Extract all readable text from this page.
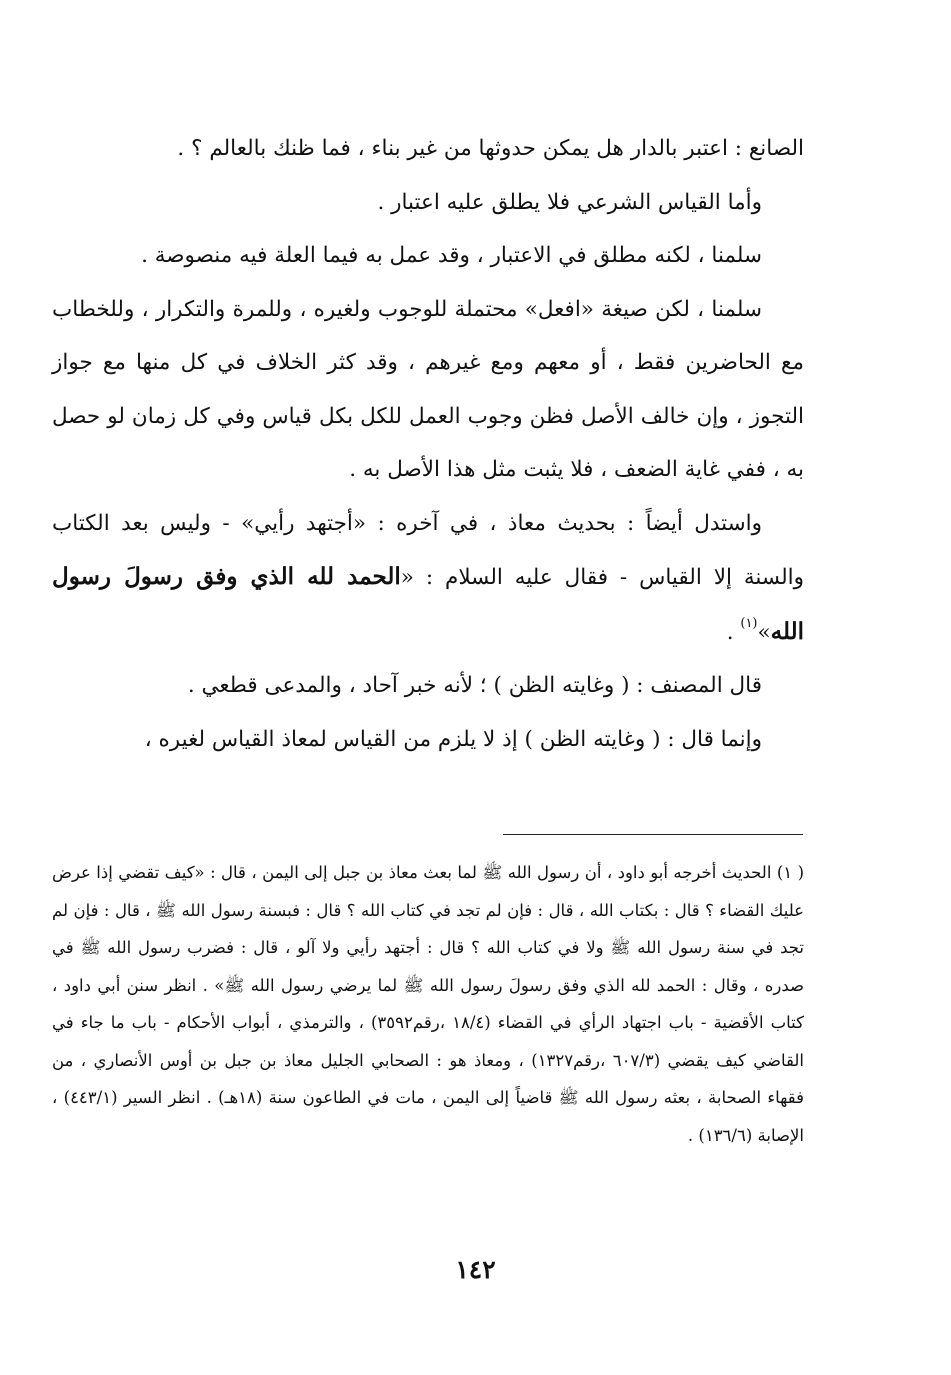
الصانع : اعتبر بالدار هل يمكن حدوثها من غير بناء ، فما ظنك بالعالم ؟ .

وأما القياس الشرعي فلا يطلق عليه اعتبار .

سلمنا ، لكنه مطلق في الاعتبار ، وقد عمل به فيما العلة فيه منصوصة .

سلمنا ، لكن صيغة «افعل» محتملة للوجوب ولغيره ، وللمرة والتكرار ، وللخطاب مع الحاضرين فقط ، أو معهم ومع غيرهم ، وقد كثر الخلاف في كل منها مع جواز التجوز ، وإن خالف الأصل فظن وجوب العمل للكل بكل قياس وفي كل زمان لو حصل به ، ففي غاية الضعف ، فلا يثبت مثل هذا الأصل به .

واستدل أيضاً : بحديث معاذ ، في آخره : «أجتهد رأيي» - وليس بعد الكتاب والسنة إلا القياس - فقال عليه السلام : «الحمد لله الذي وفق رسولَ رسول الله»$^{(١)}$ .

قال المصنف : ( وغايته الظن ) ؛ لأنه خبر آحاد ، والمدعى قطعي .

وإنما قال : ( وغايته الظن ) إذ لا يلزم من القياس لمعاذ القياس لغيره ،

( ١) الحديث أخرجه أبو داود ، أن رسول الله ﷺ لما بعث معاذ بن جبل إلى اليمن ، قال : «كيف تقضي إذا عرض عليك القضاء ؟ قال : بكتاب الله ، قال : فإن لم تجد في كتاب الله ؟ قال : فبسنة رسول الله ﷺ ، قال : فإن لم تجد في سنة رسول الله ﷺ ولا في كتاب الله ؟ قال : أجتهد رأيي ولا آلو ، قال : فضرب رسول الله ﷺ في صدره ، وقال : الحمد لله الذي وفق رسولَ رسول الله ﷺ لما يرضي رسول الله ﷺ» . انظر سنن أبي داود ، كتاب الأقضية - باب اجتهاد الرأي في القضاء (١٨/٤ ،رقم٣٥٩٢) ، والترمذي ، أبواب الأحكام - باب ما جاء في القاضي كيف يقضي (٦٠٧/٣ ،رقم١٣٢٧) ، ومعاذ هو : الصحابي الجليل معاذ بن جبل بن أوس الأنصاري ، من فقهاء الصحابة ، بعثه رسول الله ﷺ قاضياً إلى اليمن ، مات في الطاعون سنة (١٨هـ) . انظر السير (٤٤٣/١) ، الإصابة (١٣٦/٦) .

١٤٢
